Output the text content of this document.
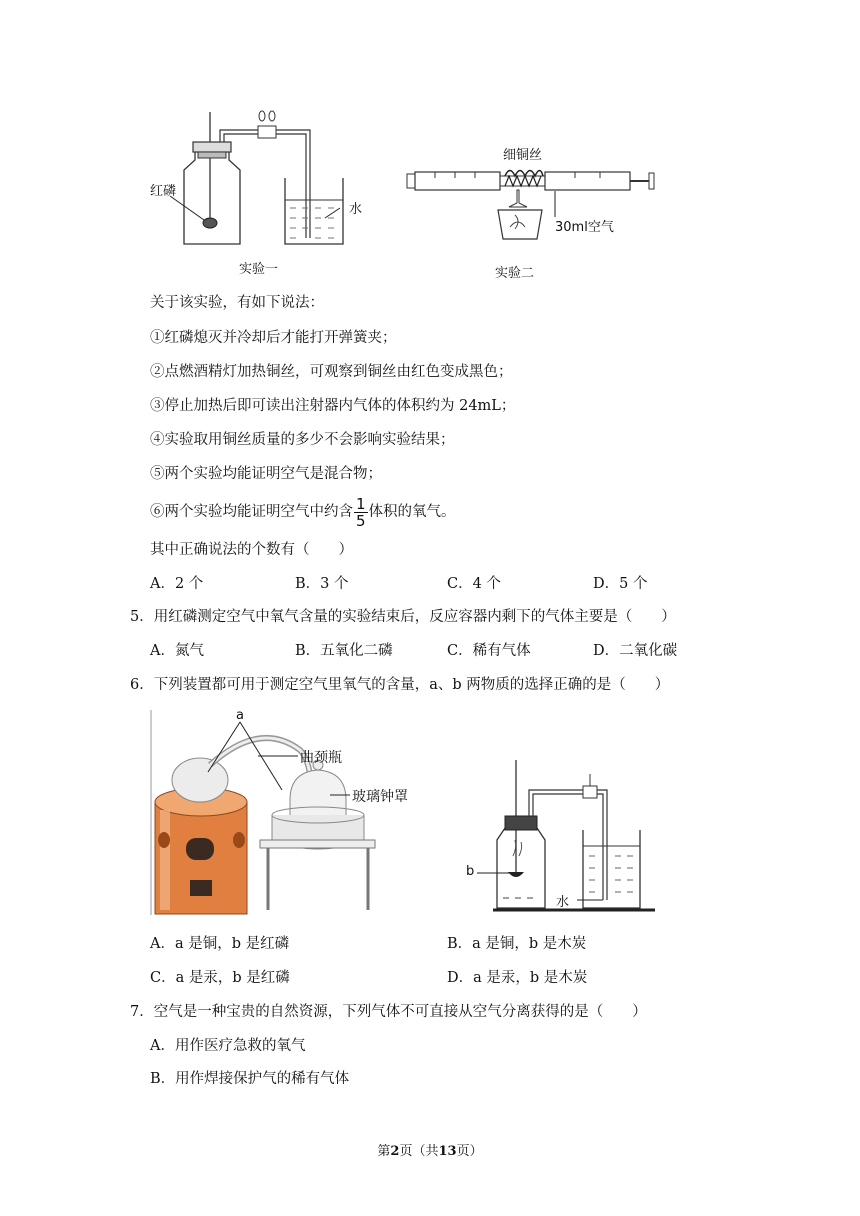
红磷
水
实验一
细铜丝
30ml空气
实验二
关于该实验，有如下说法：
①红磷熄灭并冷却后才能打开弹簧夹；
②点燃酒精灯加热铜丝，可观察到铜丝由红色变成黑色；
③停止加热后即可读出注射器内气体的体积约为 24mL；
④实验取用铜丝质量的多少不会影响实验结果；
⑤两个实验均能证明空气是混合物；
⑥两个实验均能证明空气中约含 $\frac{1}{5}$ 体积的氧气。
其中正确说法的个数有（　　）
A．2 个	B．3 个	C．4 个	D．5 个
5．用红磷测定空气中氧气含量的实验结束后，反应容器内剩下的气体主要是（　　）
A．氮气	B．五氧化二磷	C．稀有气体	D．二氧化碳
6．下列装置都可用于测定空气里氧气的含量，a、b 两物质的选择正确的是（　　）
a
曲颈瓶
玻璃钟罩
b
水
A．a 是铜，b 是红磷	B．a 是铜，b 是木炭
C．a 是汞，b 是红磷	D．a 是汞，b 是木炭
7．空气是一种宝贵的自然资源，下列气体不可直接从空气分离获得的是（　　）
A．用作医疗急救的氧气
B．用作焊接保护气的稀有气体
第2页（共13页）
